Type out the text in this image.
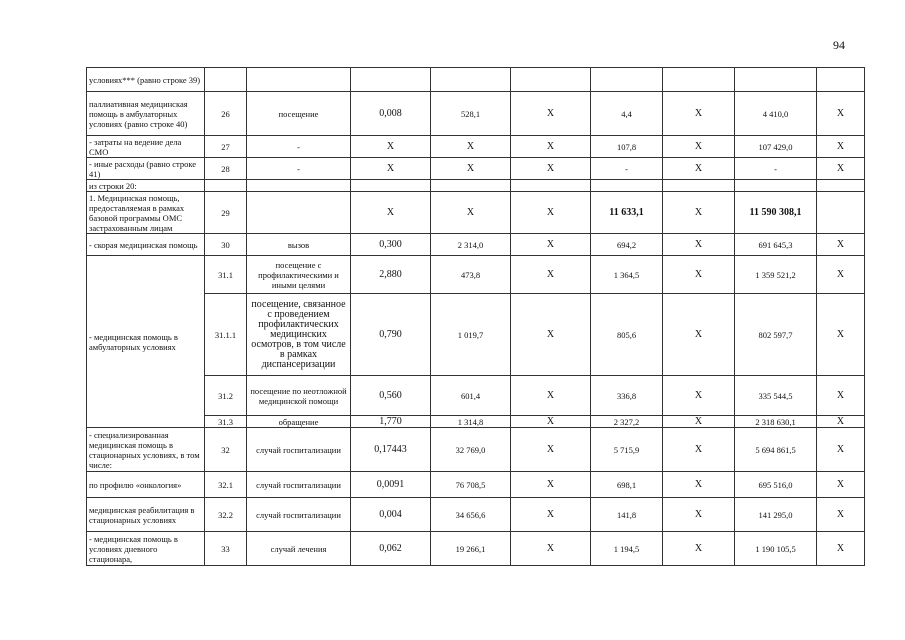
94
условиях*** (равно строке 39)									
паллиативная медицинская помощь в амбулаторных условиях (равно строке 40)	26	посещение	0,008	528,1	X	4,4	X	4 410,0	X
- затраты на ведение дела СМО	27	-	X	X	X	107,8	X	107 429,0	X
- иные расходы (равно строке 41)	28	-	X	X	X	-	X	-	X
из строки 20:									
1. Медицинская помощь, предоставляемая в рамках базовой программы ОМС застрахованным лицам	29		X	X	X	11 633,1	X	11 590 308,1	
- скорая медицинская помощь	30	вызов	0,300	2 314,0	X	694,2	X	691 645,3	X
- медицинская помощь в амбулаторных условиях	31.1	посещение с профилактическими и иными целями	2,880	473,8	X	1 364,5	X	1 359 521,2	X
	31.1.1	посещение, связанное с проведением профилактических медицинских осмотров, в том числе в рамках диспансеризации	0,790	1 019,7	X	805,6	X	802 597,7	X
	31.2	посещение по неотложной медицинской помощи	0,560	601,4	X	336,8	X	335 544,5	X
	31.3	обращение	1,770	1 314,8	X	2 327,2	X	2 318 630,1	X
- специализированная медицинская помощь в стационарных условиях, в том числе:	32	случай госпитализации	0,17443	32 769,0	X	5 715,9	X	5 694 861,5	X
по профилю «онкология»	32.1	случай госпитализации	0,0091	76 708,5	X	698,1	X	695 516,0	X
медицинская реабилитация в стационарных условиях	32.2	случай госпитализации	0,004	34 656,6	X	141,8	X	141 295,0	X
- медицинская помощь в условиях дневного стационара,	33	случай лечения	0,062	19 266,1	X	1 194,5	X	1 190 105,5	X
